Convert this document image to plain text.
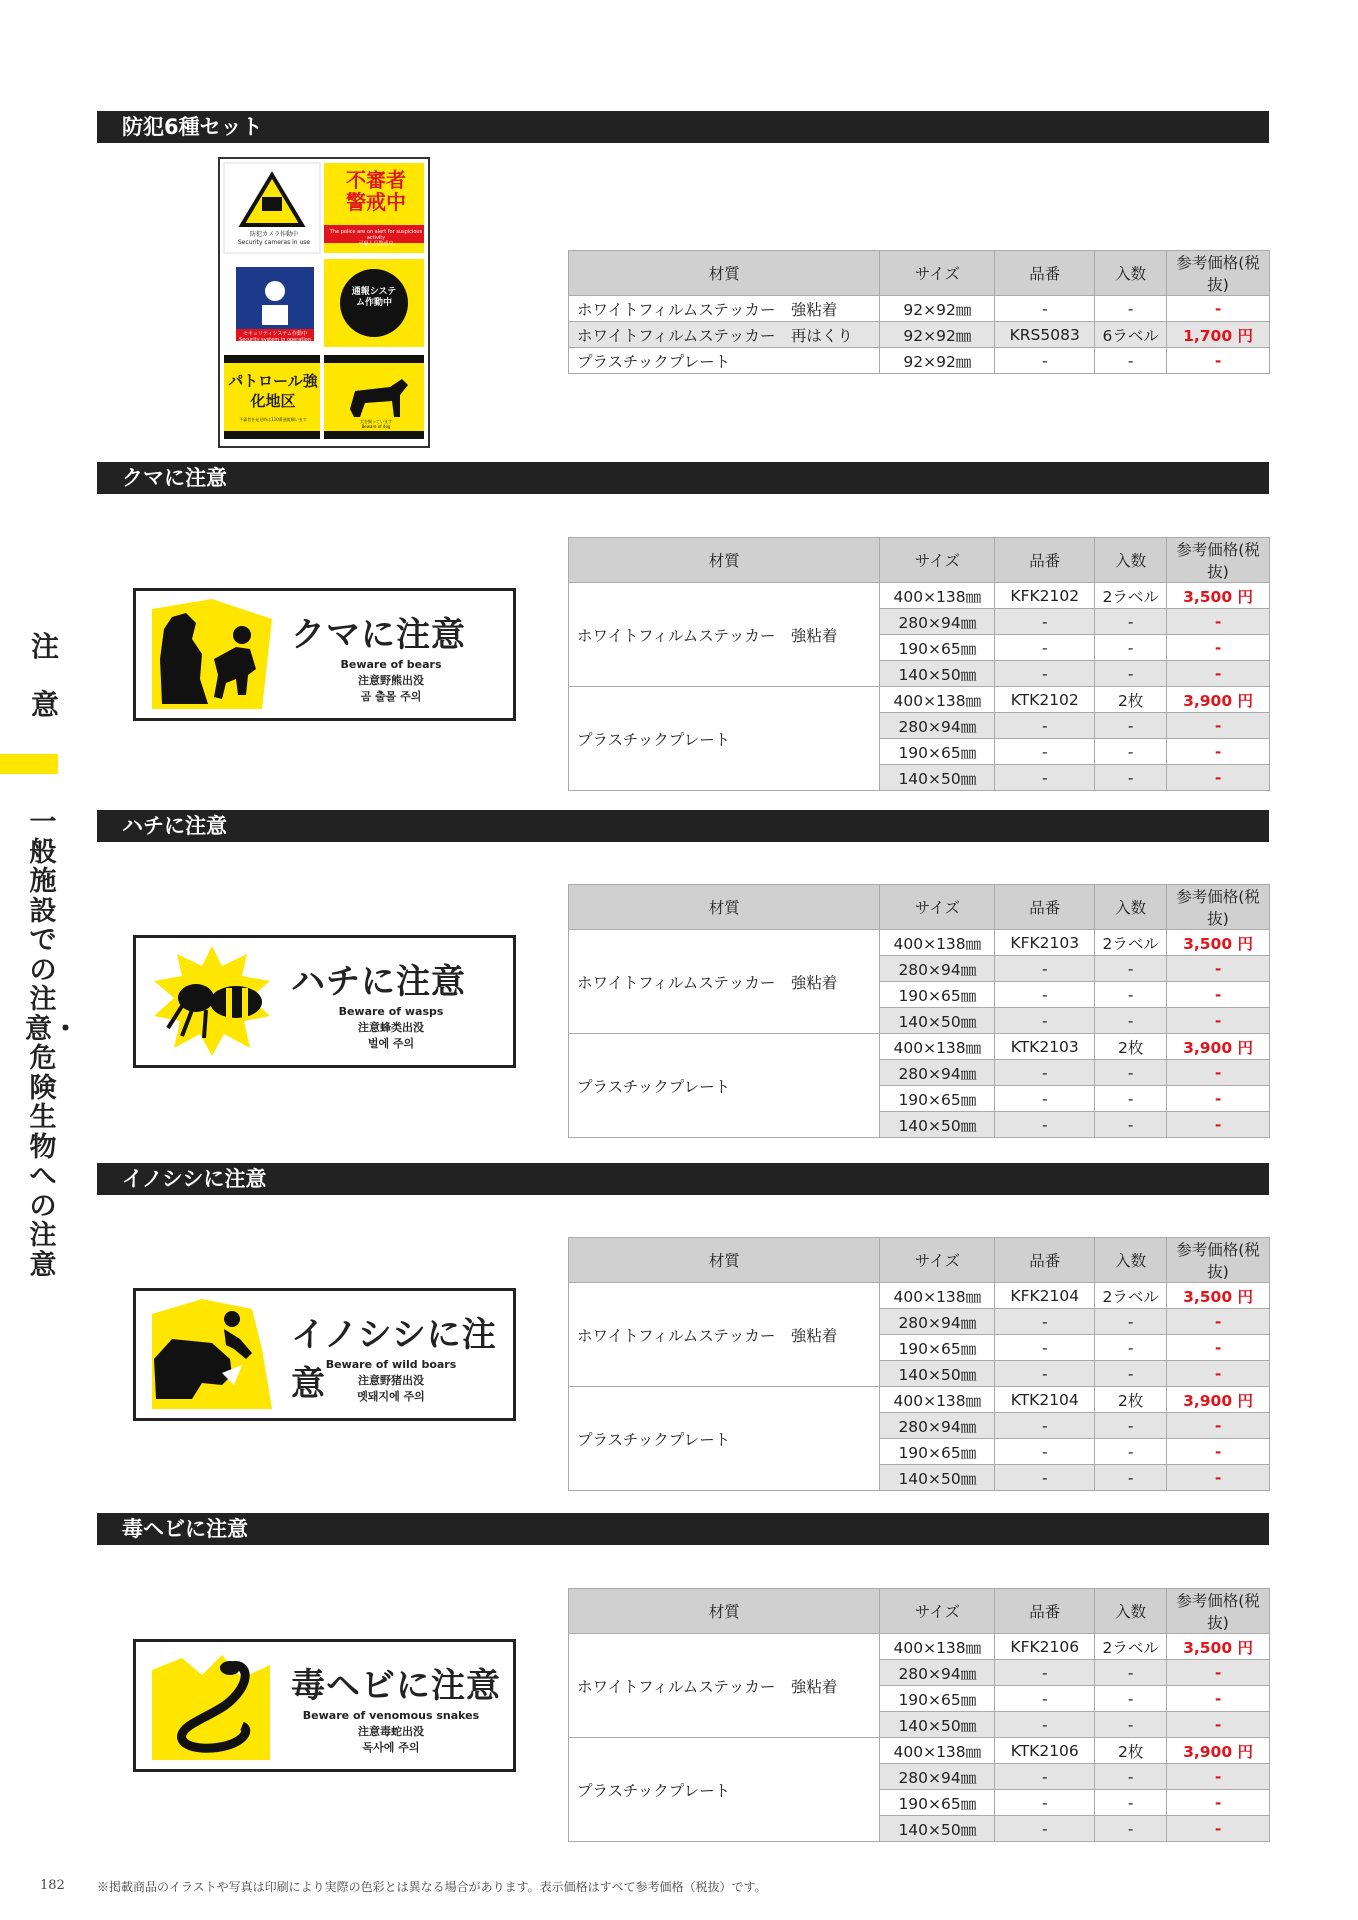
注
意
一般施設での注意・危険生物への注意
防犯6種セット
防犯カメラ作動中
Security cameras in use
不審者警戒中
The police are on alert for suspicious activity
可疑人员警戒中
セキュリティシステム作動中
Security system in operation
通報システム作動中
パトロール強化地区
不審者を発見時は110番通報願います	犬を飼っています
Beware of dog
材質	サイズ	品番	入数	参考価格(税抜)
ホワイトフィルムステッカー　強粘着	92×92㎜	-	-	-
ホワイトフィルムステッカー　再はくり	92×92㎜	KRS5083	6ラベル	1,700 円
プラスチックプレート	92×92㎜	-	-	-
クマに注意
クマに注意
Beware of bears
注意野熊出没
곰 출몰 주의
材質	サイズ	品番	入数	参考価格(税抜)
ホワイトフィルムステッカー　強粘着	400×138㎜	KFK2102	2ラベル	3,500 円
	280×94㎜	-	-	-
	190×65㎜	-	-	-
	140×50㎜	-	-	-
プラスチックプレート	400×138㎜	KTK2102	2枚	3,900 円
	280×94㎜	-	-	-
	190×65㎜	-	-	-
	140×50㎜	-	-	-
ハチに注意
ハチに注意
Beware of wasps
注意蜂类出没
벌에 주의
材質	サイズ	品番	入数	参考価格(税抜)
ホワイトフィルムステッカー　強粘着	400×138㎜	KFK2103	2ラベル	3,500 円
	280×94㎜	-	-	-
	190×65㎜	-	-	-
	140×50㎜	-	-	-
プラスチックプレート	400×138㎜	KTK2103	2枚	3,900 円
	280×94㎜	-	-	-
	190×65㎜	-	-	-
	140×50㎜	-	-	-
イノシシに注意
イノシシに注意 Beware of wild boars
注意野猪出没
멧돼지에 주의
材質	サイズ	品番	入数	参考価格(税抜)
ホワイトフィルムステッカー　強粘着	400×138㎜	KFK2104	2ラベル	3,500 円
	280×94㎜	-	-	-
	190×65㎜	-	-	-
	140×50㎜	-	-	-
プラスチックプレート	400×138㎜	KTK2104	2枚	3,900 円
	280×94㎜	-	-	-
	190×65㎜	-	-	-
	140×50㎜	-	-	-
毒ヘビに注意
毒ヘビに注意
Beware of venomous snakes
注意毒蛇出没
독사에 주의
材質	サイズ	品番	入数	参考価格(税抜)
ホワイトフィルムステッカー　強粘着	400×138㎜	KFK2106	2ラベル	3,500 円
	280×94㎜	-	-	-
	190×65㎜	-	-	-
	140×50㎜	-	-	-
プラスチックプレート	400×138㎜	KTK2106	2枚	3,900 円
	280×94㎜	-	-	-
	190×65㎜	-	-	-
	140×50㎜	-	-	-
182	※掲載商品のイラストや写真は印刷により実際の色彩とは異なる場合があります。表示価格はすべて参考価格（税抜）です。
